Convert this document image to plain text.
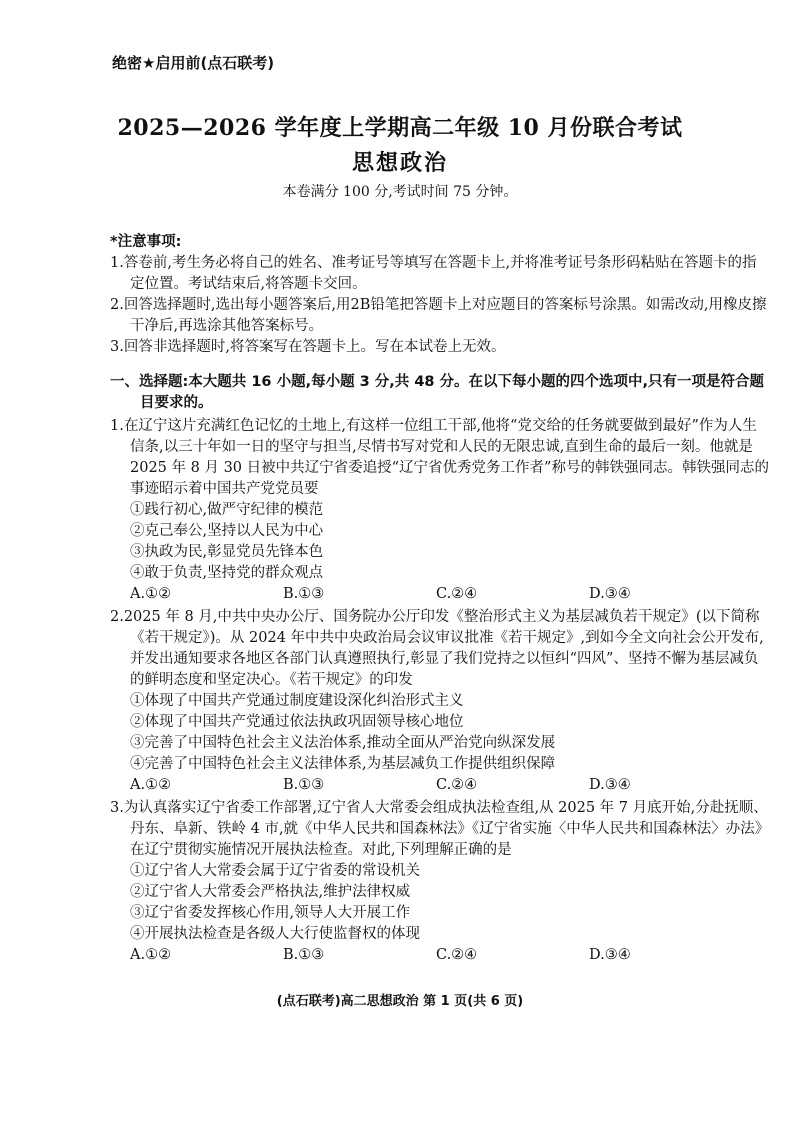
绝密★启用前(点石联考)
2025—2026 学年度上学期高二年级 10 月份联合考试
思想政治
本卷满分 100 分,考试时间 75 分钟。
*注意事项:
1.答卷前,考生务必将自己的姓名、准考证号等填写在答题卡上,并将准考证号条形码粘贴在答题卡的指定位置。考试结束后,将答题卡交回。
2.回答选择题时,选出每小题答案后,用2B铅笔把答题卡上对应题目的答案标号涂黑。如需改动,用橡皮擦干净后,再选涂其他答案标号。
3.回答非选择题时,将答案写在答题卡上。写在本试卷上无效。
一、选择题:本大题共 16 小题,每小题 3 分,共 48 分。在以下每小题的四个选项中,只有一项是符合题目要求的。
1.在辽宁这片充满红色记忆的土地上,有这样一位组工干部,他将“党交给的任务就要做到最好”作为人生信条,以三十年如一日的坚守与担当,尽情书写对党和人民的无限忠诚,直到生命的最后一刻。他就是 2025 年 8 月 30 日被中共辽宁省委追授“辽宁省优秀党务工作者”称号的韩铁强同志。韩铁强同志的事迹昭示着中国共产党党员要
①践行初心,做严守纪律的模范
②克己奉公,坚持以人民为中心
③执政为民,彰显党员先锋本色
④敢于负责,坚持党的群众观点
A.①②	B.①③	C.②④	D.③④
2.2025 年 8 月,中共中央办公厅、国务院办公厅印发《整治形式主义为基层减负若干规定》(以下简称《若干规定》)。从 2024 年中共中央政治局会议审议批准《若干规定》,到如今全文向社会公开发布,并发出通知要求各地区各部门认真遵照执行,彰显了我们党持之以恒纠“四风”、坚持不懈为基层减负的鲜明态度和坚定决心。《若干规定》的印发
①体现了中国共产党通过制度建设深化纠治形式主义
②体现了中国共产党通过依法执政巩固领导核心地位
③完善了中国特色社会主义法治体系,推动全面从严治党向纵深发展
④完善了中国特色社会主义法律体系,为基层减负工作提供组织保障
A.①②	B.①③	C.②④	D.③④
3.为认真落实辽宁省委工作部署,辽宁省人大常委会组成执法检查组,从 2025 年 7 月底开始,分赴抚顺、丹东、阜新、铁岭 4 市,就《中华人民共和国森林法》《辽宁省实施〈中华人民共和国森林法〉办法》在辽宁贯彻实施情况开展执法检查。对此,下列理解正确的是
①辽宁省人大常委会属于辽宁省委的常设机关
②辽宁省人大常委会严格执法,维护法律权威
③辽宁省委发挥核心作用,领导人大开展工作
④开展执法检查是各级人大行使监督权的体现
A.①②	B.①③	C.②④	D.③④
(点石联考)高二思想政治 第 1 页(共 6 页)
